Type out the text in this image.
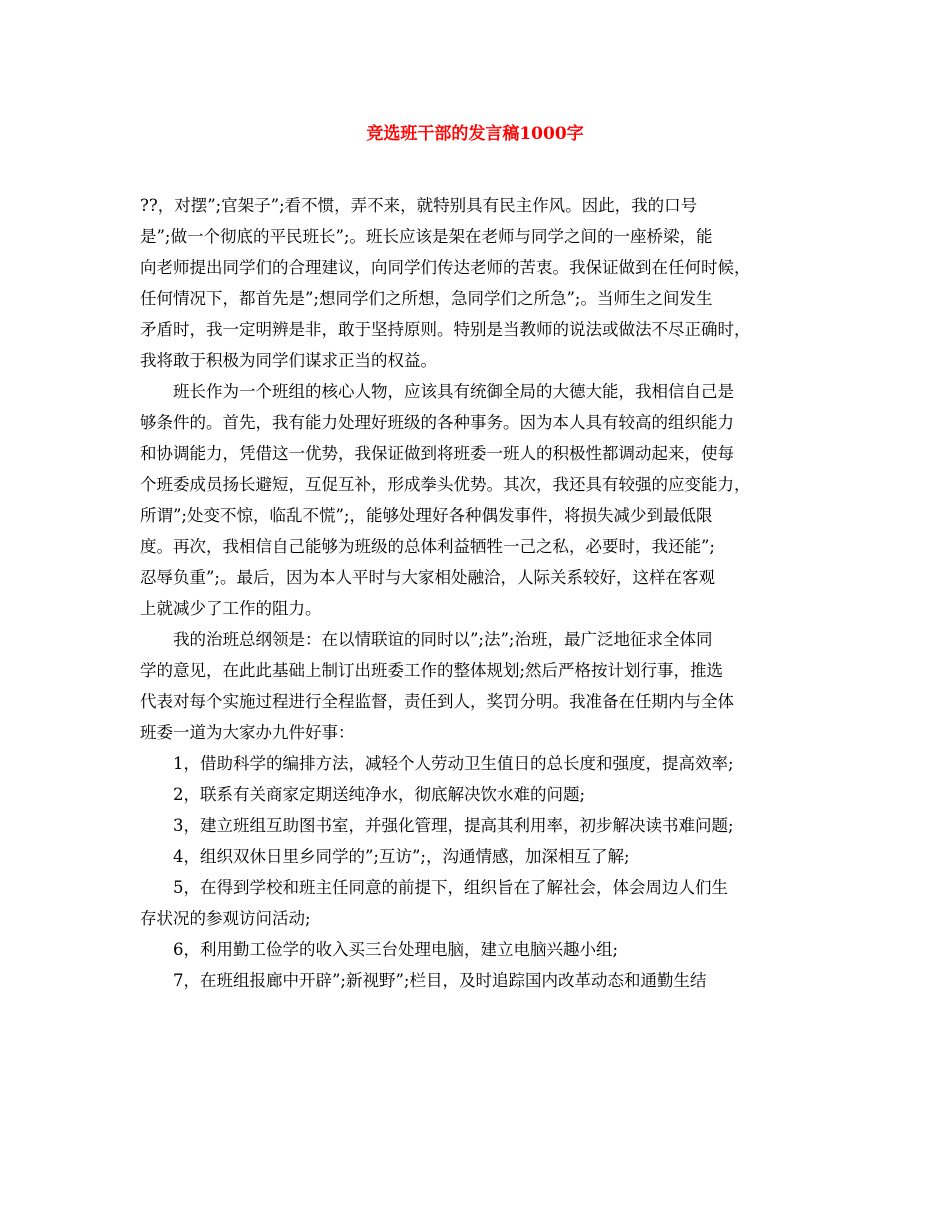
竞选班干部的发言稿1000字
??，对摆”;官架子”;看不惯，弄不来，就特别具有民主作风。因此，我的口号
是”;做一个彻底的平民班长”;。班长应该是架在老师与同学之间的一座桥梁，能
向老师提出同学们的合理建议，向同学们传达老师的苦衷。我保证做到在任何时候，
任何情况下，都首先是”;想同学们之所想，急同学们之所急”;。当师生之间发生
矛盾时，我一定明辨是非，敢于坚持原则。特别是当教师的说法或做法不尽正确时，
我将敢于积极为同学们谋求正当的权益。
班长作为一个班组的核心人物，应该具有统御全局的大德大能，我相信自己是
够条件的。首先，我有能力处理好班级的各种事务。因为本人具有较高的组织能力
和协调能力，凭借这一优势，我保证做到将班委一班人的积极性都调动起来，使每
个班委成员扬长避短，互促互补，形成拳头优势。其次，我还具有较强的应变能力，
所谓”;处变不惊，临乱不慌”;，能够处理好各种偶发事件，将损失减少到最低限
度。再次，我相信自己能够为班级的总体利益牺牲一己之私，必要时，我还能”;
忍辱负重”;。最后，因为本人平时与大家相处融洽，人际关系较好，这样在客观
上就减少了工作的阻力。
我的治班总纲领是：在以情联谊的同时以”;法”;治班，最广泛地征求全体同
学的意见，在此此基础上制订出班委工作的整体规划;然后严格按计划行事，推选
代表对每个实施过程进行全程监督，责任到人，奖罚分明。我准备在任期内与全体
班委一道为大家办九件好事：
1，借助科学的编排方法，减轻个人劳动卫生值日的总长度和强度，提高效率;
2，联系有关商家定期送纯净水，彻底解决饮水难的问题;
3，建立班组互助图书室，并强化管理，提高其利用率，初步解决读书难问题;
4，组织双休日里乡同学的”;互访”;，沟通情感，加深相互了解;
5，在得到学校和班主任同意的前提下，组织旨在了解社会，体会周边人们生
存状况的参观访问活动;
6，利用勤工俭学的收入买三台处理电脑，建立电脑兴趣小组;
7，在班组报廊中开辟”;新视野”;栏目，及时追踪国内改革动态和通勤生结
